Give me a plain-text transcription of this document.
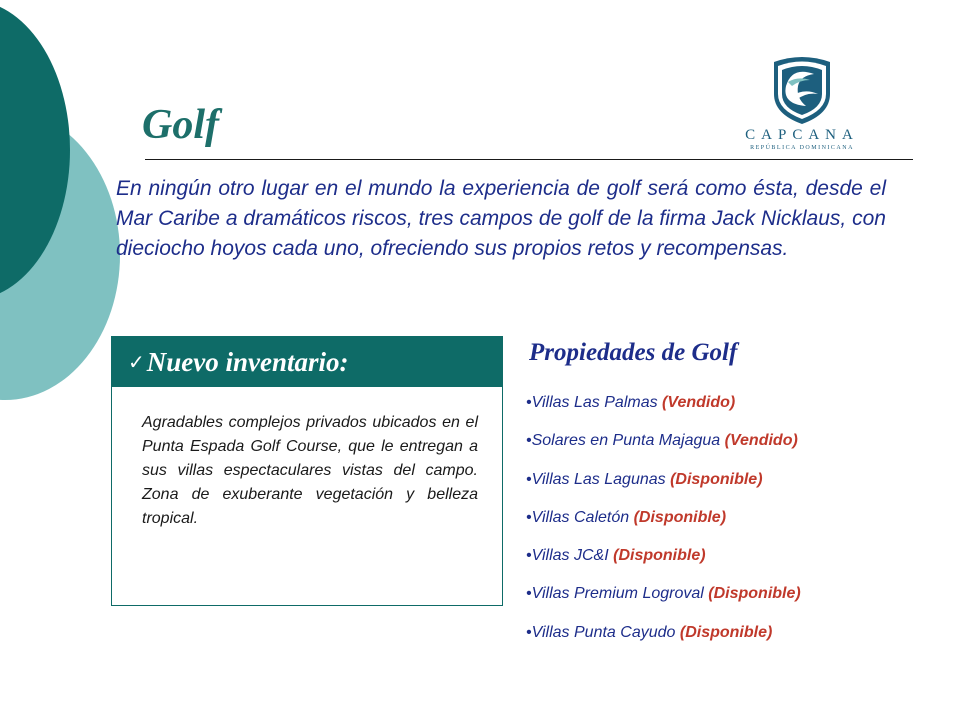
Golf	CAPCANA
REPÚBLICA DOMINICANA

En ningún otro lugar en el mundo la experiencia de golf será como ésta, desde el Mar Caribe a dramáticos riscos, tres campos de golf de la firma Jack Nicklaus, con dieciocho hoyos cada uno, ofreciendo sus propios retos y recompensas.

✓ Nuevo inventario:

Agradables complejos privados ubicados en el Punta Espada Golf Course, que le entregan a sus villas espectaculares vistas del campo. Zona de exuberante vegetación y belleza tropical.

Propiedades de Golf
•Villas Las Palmas (Vendido)
•Solares en Punta Majagua (Vendido)
•Villas Las Lagunas (Disponible)
•Villas Caletón (Disponible)
•Villas JC&I (Disponible)
•Villas Premium Logroval (Disponible)
•Villas Punta Cayudo (Disponible)
